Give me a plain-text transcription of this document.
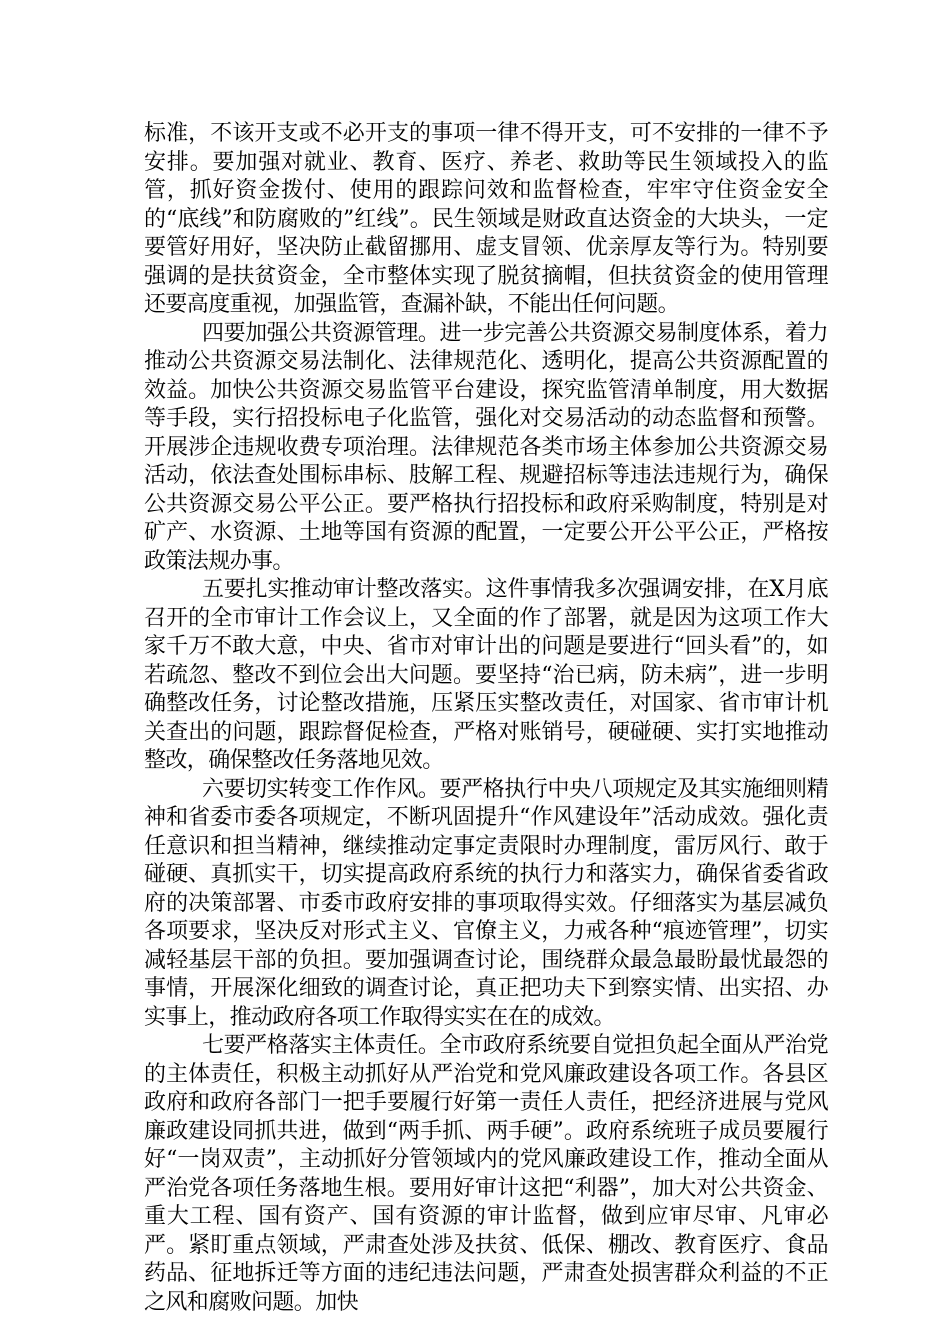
标准，不该开支或不必开支的事项一律不得开支，可不安排的一律不予安排。要加强对就业、教育、医疗、养老、救助等民生领域投入的监管，抓好资金拨付、使用的跟踪问效和监督检查，牢牢守住资金安全的“底线”和防腐败的”红线”。民生领域是财政直达资金的大块头，一定要管好用好，坚决防止截留挪用、虚支冒领、优亲厚友等行为。特别要强调的是扶贫资金，全市整体实现了脱贫摘帽，但扶贫资金的使用管理还要高度重视，加强监管，查漏补缺，不能出任何问题。

四要加强公共资源管理。进一步完善公共资源交易制度体系，着力推动公共资源交易法制化、法律规范化、透明化，提高公共资源配置的效益。加快公共资源交易监管平台建设，探究监管清单制度，用大数据等手段，实行招投标电子化监管，强化对交易活动的动态监督和预警。开展涉企违规收费专项治理。法律规范各类市场主体参加公共资源交易活动，依法查处围标串标、肢解工程、规避招标等违法违规行为，确保公共资源交易公平公正。要严格执行招投标和政府采购制度，特别是对矿产、水资源、土地等国有资源的配置，一定要公开公平公正，严格按政策法规办事。

五要扎实推动审计整改落实。这件事情我多次强调安排，在X月底召开的全市审计工作会议上，又全面的作了部署，就是因为这项工作大家千万不敢大意，中央、省市对审计出的问题是要进行“回头看”的，如若疏忽、整改不到位会出大问题。要坚持“治已病，防未病”，进一步明确整改任务，讨论整改措施，压紧压实整改责任，对国家、省市审计机关查出的问题，跟踪督促检查，严格对账销号，硬碰硬、实打实地推动整改，确保整改任务落地见效。

六要切实转变工作作风。要严格执行中央八项规定及其实施细则精神和省委市委各项规定，不断巩固提升“作风建设年”活动成效。强化责任意识和担当精神，继续推动定事定责限时办理制度，雷厉风行、敢于碰硬、真抓实干，切实提高政府系统的执行力和落实力，确保省委省政府的决策部署、市委市政府安排的事项取得实效。仔细落实为基层减负各项要求，坚决反对形式主义、官僚主义，力戒各种“痕迹管理”，切实减轻基层干部的负担。要加强调查讨论，围绕群众最急最盼最忧最怨的事情，开展深化细致的调查讨论，真正把功夫下到察实情、出实招、办实事上，推动政府各项工作取得实实在在的成效。

七要严格落实主体责任。全市政府系统要自觉担负起全面从严治党的主体责任，积极主动抓好从严治党和党风廉政建设各项工作。各县区政府和政府各部门一把手要履行好第一责任人责任，把经济进展与党风廉政建设同抓共进，做到“两手抓、两手硬”。政府系统班子成员要履行好“一岗双责”，主动抓好分管领域内的党风廉政建设工作，推动全面从严治党各项任务落地生根。要用好审计这把“利器”，加大对公共资金、重大工程、国有资产、国有资源的审计监督，做到应审尽审、凡审必严。紧盯重点领域，严肃查处涉及扶贫、低保、棚改、教育医疗、食品药品、征地拆迁等方面的违纪违法问题，严肃查处损害群众利益的不正之风和腐败问题。加快
